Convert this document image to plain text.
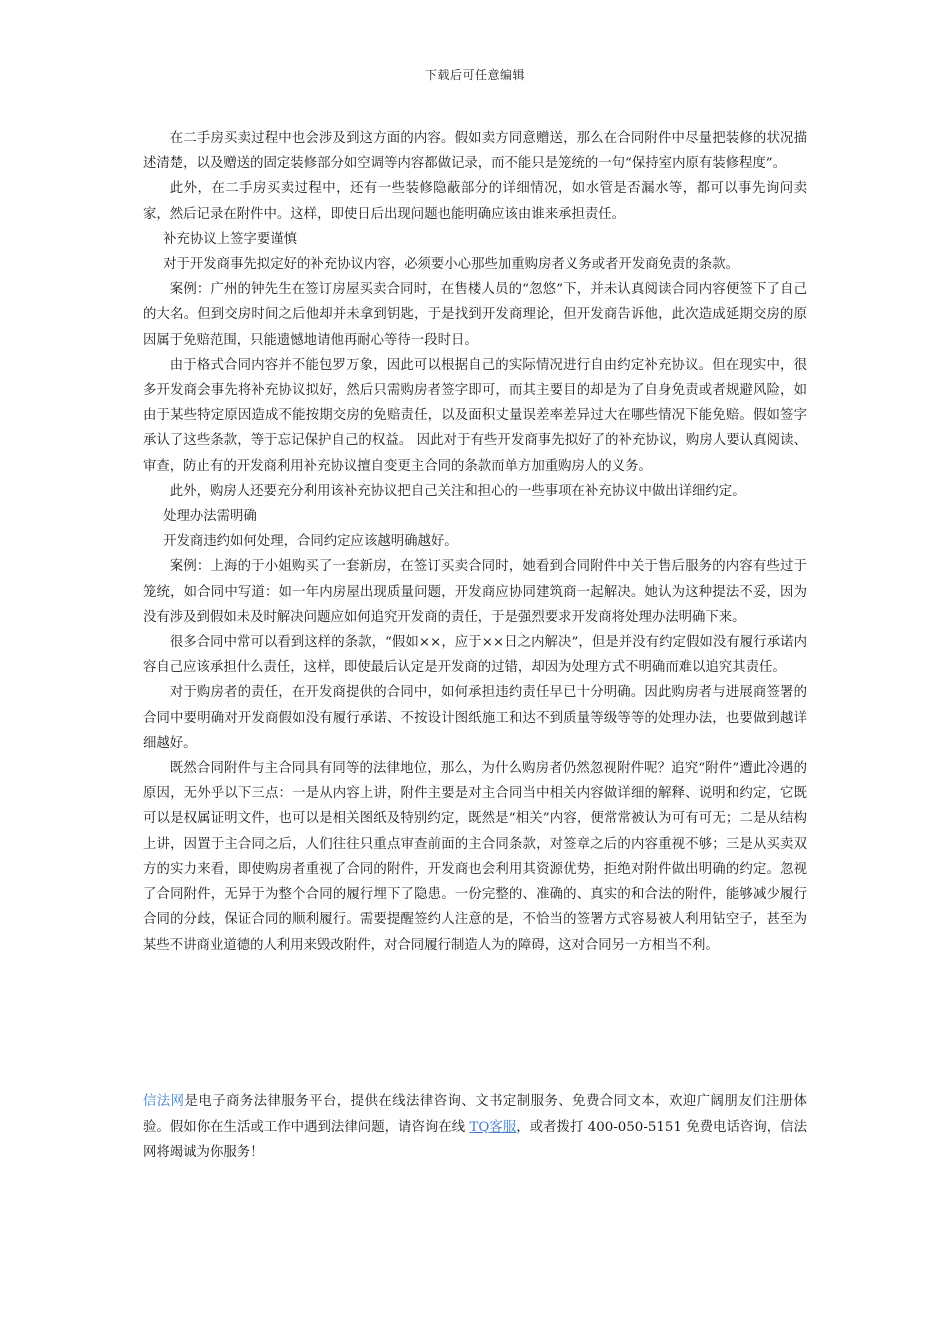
下载后可任意编辑

在二手房买卖过程中也会涉及到这方面的内容。假如卖方同意赠送，那么在合同附件中尽量把装修的状况描述清楚，以及赠送的固定装修部分如空调等内容都做记录，而不能只是笼统的一句“保持室内原有装修程度”。

此外，在二手房买卖过程中，还有一些装修隐蔽部分的详细情况，如水管是否漏水等，都可以事先询问卖家，然后记录在附件中。这样，即使日后出现问题也能明确应该由谁来承担责任。

补充协议上签字要谨慎

对于开发商事先拟定好的补充协议内容，必须要小心那些加重购房者义务或者开发商免责的条款。

案例：广州的钟先生在签订房屋买卖合同时，在售楼人员的“忽悠”下，并未认真阅读合同内容便签下了自己的大名。但到交房时间之后他却并未拿到钥匙，于是找到开发商理论，但开发商告诉他，此次造成延期交房的原因属于免赔范围，只能遗憾地请他再耐心等待一段时日。

由于格式合同内容并不能包罗万象，因此可以根据自己的实际情况进行自由约定补充协议。但在现实中，很多开发商会事先将补充协议拟好，然后只需购房者签字即可，而其主要目的却是为了自身免责或者规避风险，如由于某些特定原因造成不能按期交房的免赔责任，以及面积丈量误差率差异过大在哪些情况下能免赔。假如签字承认了这些条款，等于忘记保护自己的权益。 因此对于有些开发商事先拟好了的补充协议，购房人要认真阅读、审查，防止有的开发商利用补充协议擅自变更主合同的条款而单方加重购房人的义务。

此外，购房人还要充分利用该补充协议把自己关注和担心的一些事项在补充协议中做出详细约定。

处理办法需明确

开发商违约如何处理，合同约定应该越明确越好。

案例：上海的于小姐购买了一套新房，在签订买卖合同时，她看到合同附件中关于售后服务的内容有些过于笼统，如合同中写道：如一年内房屋出现质量问题，开发商应协同建筑商一起解决。她认为这种提法不妥，因为没有涉及到假如未及时解决问题应如何追究开发商的责任，于是强烈要求开发商将处理办法明确下来。

很多合同中常可以看到这样的条款，“假如××，应于××日之内解决”，但是并没有约定假如没有履行承诺内容自己应该承担什么责任，这样，即使最后认定是开发商的过错，却因为处理方式不明确而难以追究其责任。

对于购房者的责任，在开发商提供的合同中，如何承担违约责任早已十分明确。因此购房者与进展商签署的合同中要明确对开发商假如没有履行承诺、不按设计图纸施工和达不到质量等级等等的处理办法，也要做到越详细越好。

既然合同附件与主合同具有同等的法律地位，那么，为什么购房者仍然忽视附件呢？追究“附件”遭此冷遇的原因，无外乎以下三点：一是从内容上讲，附件主要是对主合同当中相关内容做详细的解释、说明和约定，它既可以是权属证明文件，也可以是相关图纸及特别约定，既然是“相关”内容，便常常被认为可有可无；二是从结构上讲，因置于主合同之后，人们往往只重点审查前面的主合同条款，对签章之后的内容重视不够；三是从买卖双方的实力来看，即使购房者重视了合同的附件，开发商也会利用其资源优势，拒绝对附件做出明确的约定。忽视了合同附件，无异于为整个合同的履行埋下了隐患。一份完整的、准确的、真实的和合法的附件，能够减少履行合同的分歧，保证合同的顺利履行。需要提醒签约人注意的是，不恰当的签署方式容易被人利用钻空子，甚至为某些不讲商业道德的人利用来毁改附件，对合同履行制造人为的障碍，这对合同另一方相当不利。

信法网是电子商务法律服务平台，提供在线法律咨询、文书定制服务、免费合同文本，欢迎广阔朋友们注册体验。假如你在生活或工作中遇到法律问题，请咨询在线 TQ客服，或者拨打 400-050-5151 免费电话咨询，信法网将竭诚为你服务！
